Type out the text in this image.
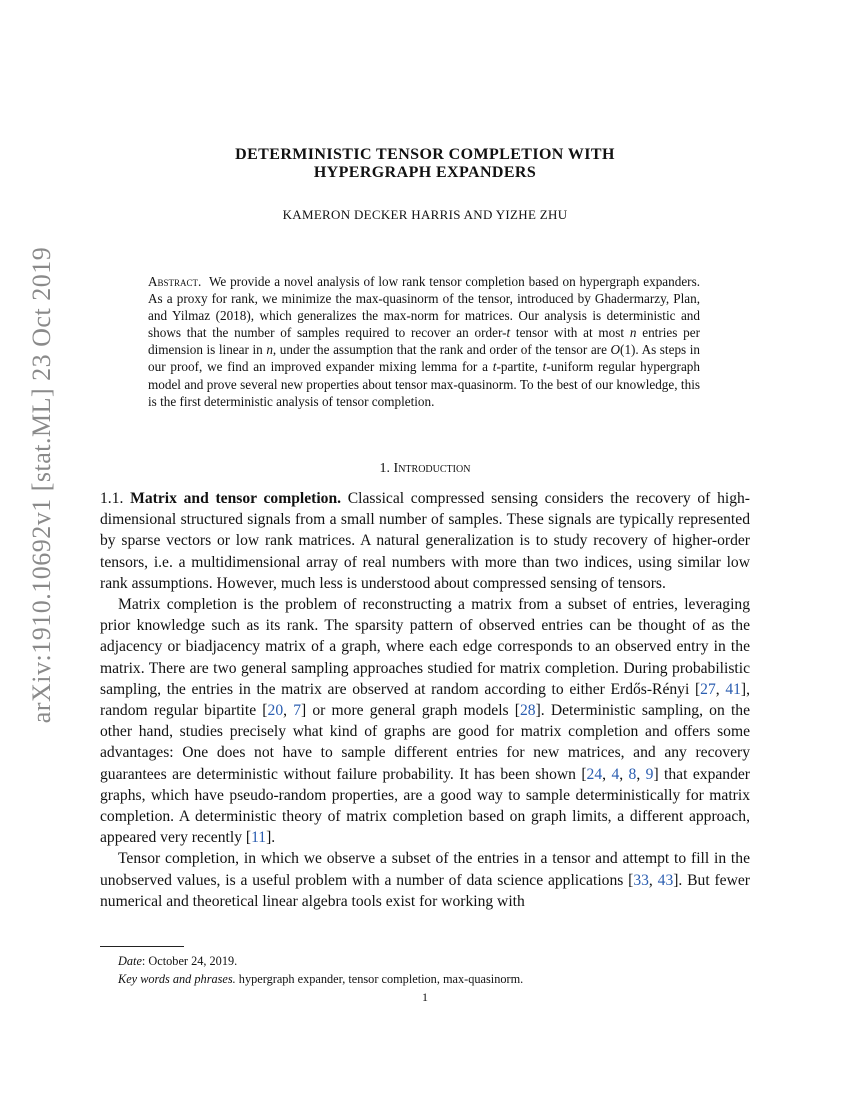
arXiv:1910.10692v1 [stat.ML] 23 Oct 2019
DETERMINISTIC TENSOR COMPLETION WITH
HYPERGRAPH EXPANDERS
KAMERON DECKER HARRIS AND YIZHE ZHU
Abstract. We provide a novel analysis of low rank tensor completion based on hypergraph expanders. As a proxy for rank, we minimize the max-quasinorm of the tensor, introduced by Ghadermarzy, Plan, and Yilmaz (2018), which generalizes the max-norm for matrices. Our analysis is deterministic and shows that the number of samples required to recover an order-t tensor with at most n entries per dimension is linear in n, under the assumption that the rank and order of the tensor are O(1). As steps in our proof, we find an improved expander mixing lemma for a t-partite, t-uniform regular hypergraph model and prove several new properties about tensor max-quasinorm. To the best of our knowledge, this is the first deterministic analysis of tensor completion.
1. Introduction

1.1. Matrix and tensor completion. Classical compressed sensing considers the recovery of high-dimensional structured signals from a small number of samples. These signals are typically represented by sparse vectors or low rank matrices. A natural generalization is to study recovery of higher-order tensors, i.e. a multidimensional array of real numbers with more than two indices, using similar low rank assumptions. However, much less is understood about compressed sensing of tensors.

Matrix completion is the problem of reconstructing a matrix from a subset of entries, leveraging prior knowledge such as its rank. The sparsity pattern of observed entries can be thought of as the adjacency or biadjacency matrix of a graph, where each edge corresponds to an observed entry in the matrix. There are two general sampling approaches studied for matrix completion. During probabilistic sampling, the entries in the matrix are observed at random according to either Erdős-Rényi [27, 41], random regular bipartite [20, 7] or more general graph models [28]. Deterministic sampling, on the other hand, studies precisely what kind of graphs are good for matrix completion and offers some advantages: One does not have to sample different entries for new matrices, and any recovery guarantees are deterministic without failure probability. It has been shown [24, 4, 8, 9] that expander graphs, which have pseudo-random properties, are a good way to sample deterministically for matrix completion. A deterministic theory of matrix completion based on graph limits, a different approach, appeared very recently [11].

Tensor completion, in which we observe a subset of the entries in a tensor and attempt to fill in the unobserved values, is a useful problem with a number of data science applications [33, 43]. But fewer numerical and theoretical linear algebra tools exist for working with

Date: October 24, 2019.
Key words and phrases. hypergraph expander, tensor completion, max-quasinorm.
1
